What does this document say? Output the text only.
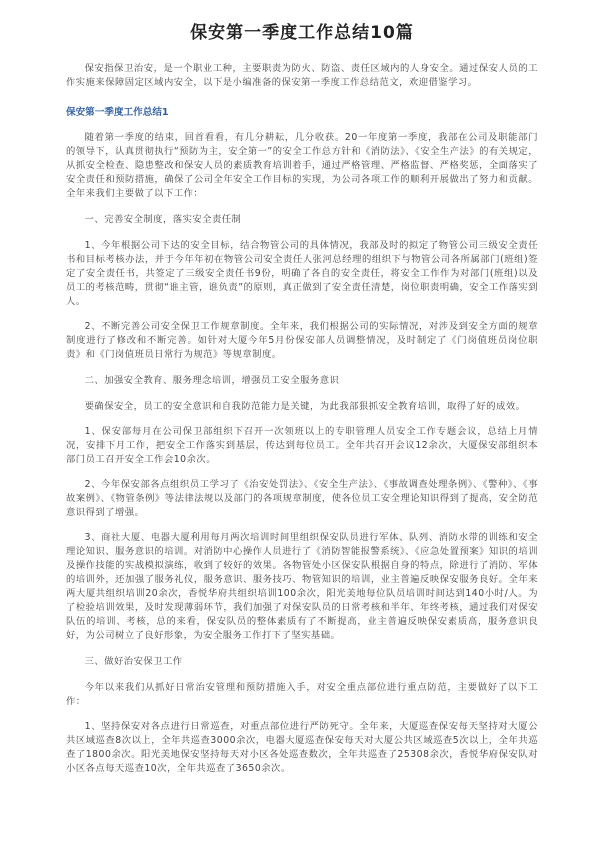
保安第一季度工作总结10篇

保安指保卫治安，是一个职业工种，主要职责为防火、防盗、责任区域内的人身安全。通过保安人员的工作实施来保障固定区域内安全，以下是小编准备的保安第一季度工作总结范文，欢迎借鉴学习。

保安第一季度工作总结1

随着第一季度的结束，回首看看，有几分耕耘，几分收获。20一年度第一季度，我部在公司及职能部门的领导下，认真贯彻执行“预防为主，安全第一”的安全工作总方针和《消防法》、《安全生产法》的有关规定，从抓安全检查、隐患整改和保安人员的素质教育培训着手，通过严格管理、严格监督、严格奖惩，全面落实了安全责任和预防措施，确保了公司全年安全工作目标的实现，为公司各项工作的顺利开展做出了努力和贡献。全年来我们主要做了以下工作：

一、完善安全制度，落实安全责任制

1、今年根据公司下达的安全目标，结合物管公司的具体情况，我部及时的拟定了物管公司三级安全责任书和目标考核办法，并于今年年初在物管公司安全责任人张河总经理的组织下与物管公司各所属部门(班组)签定了安全责任书，共签定了三级安全责任书9份，明确了各自的安全责任，将安全工作作为对部门(班组)以及员工的考核范畴，贯彻“谁主管，谁负责”的原则，真正做到了安全责任清楚，岗位职责明确，安全工作落实到人。

2、不断完善公司安全保卫工作规章制度。全年来，我们根据公司的实际情况，对涉及到安全方面的规章制度进行了修改和不断完善。如针对大厦今年5月份保安部人员调整情况，及时制定了《门岗值班员岗位职责》和《门岗值班员日常行为规范》等规章制度。

二、加强安全教育、服务理念培训，增强员工安全服务意识

要确保安全，员工的安全意识和自我防范能力是关键，为此我部狠抓安全教育培训，取得了好的成效。

1、保安部每月在公司保卫部组织下召开一次领班以上的专职管理人员安全工作专题会议，总结上月情况，安排下月工作，把安全工作落实到基层，传达到每位员工。全年共召开会议12余次，大厦保安部组织本部门员工召开安全工作会10余次。

2、今年保安部各点组织员工学习了《治安处罚法》、《安全生产法》、《事故调查处理条例》、《警种》、《事故案例》、《物管条例》等法律法规以及部门的各项规章制度，使各位员工安全理论知识得到了提高，安全防范意识得到了增强。

3、商社大厦、电器大厦利用每月两次培训时间里组织保安队员进行军体、队列、消防水带的训练和安全理论知识、服务意识的培训。对消防中心操作人员进行了《消防智能报警系统》、《应急处置预案》知识的培训及操作技能的实战模拟演练，收到了较好的效果。各物管处小区保安队根据自身的特点，除进行了消防、军体的培训外，还加强了服务礼仪，服务意识、服务技巧、物管知识的培训，业主普遍反映保安服务良好。全年来两大厦共组织培训20余次，香悦华府共组织培训100余次，阳光美地每位队员培训时间达到140小时/人。为了检验培训效果，及时发现薄弱环节，我们加强了对保安队员的日常考核和半年、年终考核，通过我们对保安队伍的培训、考核，总的来看，保安队员的整体素质有了不断提高，业主普遍反映保安素质高，服务意识良好，为公司树立了良好形象，为安全服务工作打下了坚实基础。

三、做好治安保卫工作

今年以来我们从抓好日常治安管理和预防措施入手，对安全重点部位进行重点防范，主要做好了以下工作：

1、坚持保安对各点进行日常巡查，对重点部位进行严防死守。全年来，大厦巡查保安每天坚持对大厦公共区域巡查8次以上，全年共巡查3000余次，电器大厦巡查保安每天对大厦公共区域巡查5次以上，全年共巡查了1800余次。阳光美地保安坚持每天对小区各处巡查数次，全年共巡查了25308余次，香悦华府保安队对小区各点每天巡查10次，全年共巡查了3650余次。
